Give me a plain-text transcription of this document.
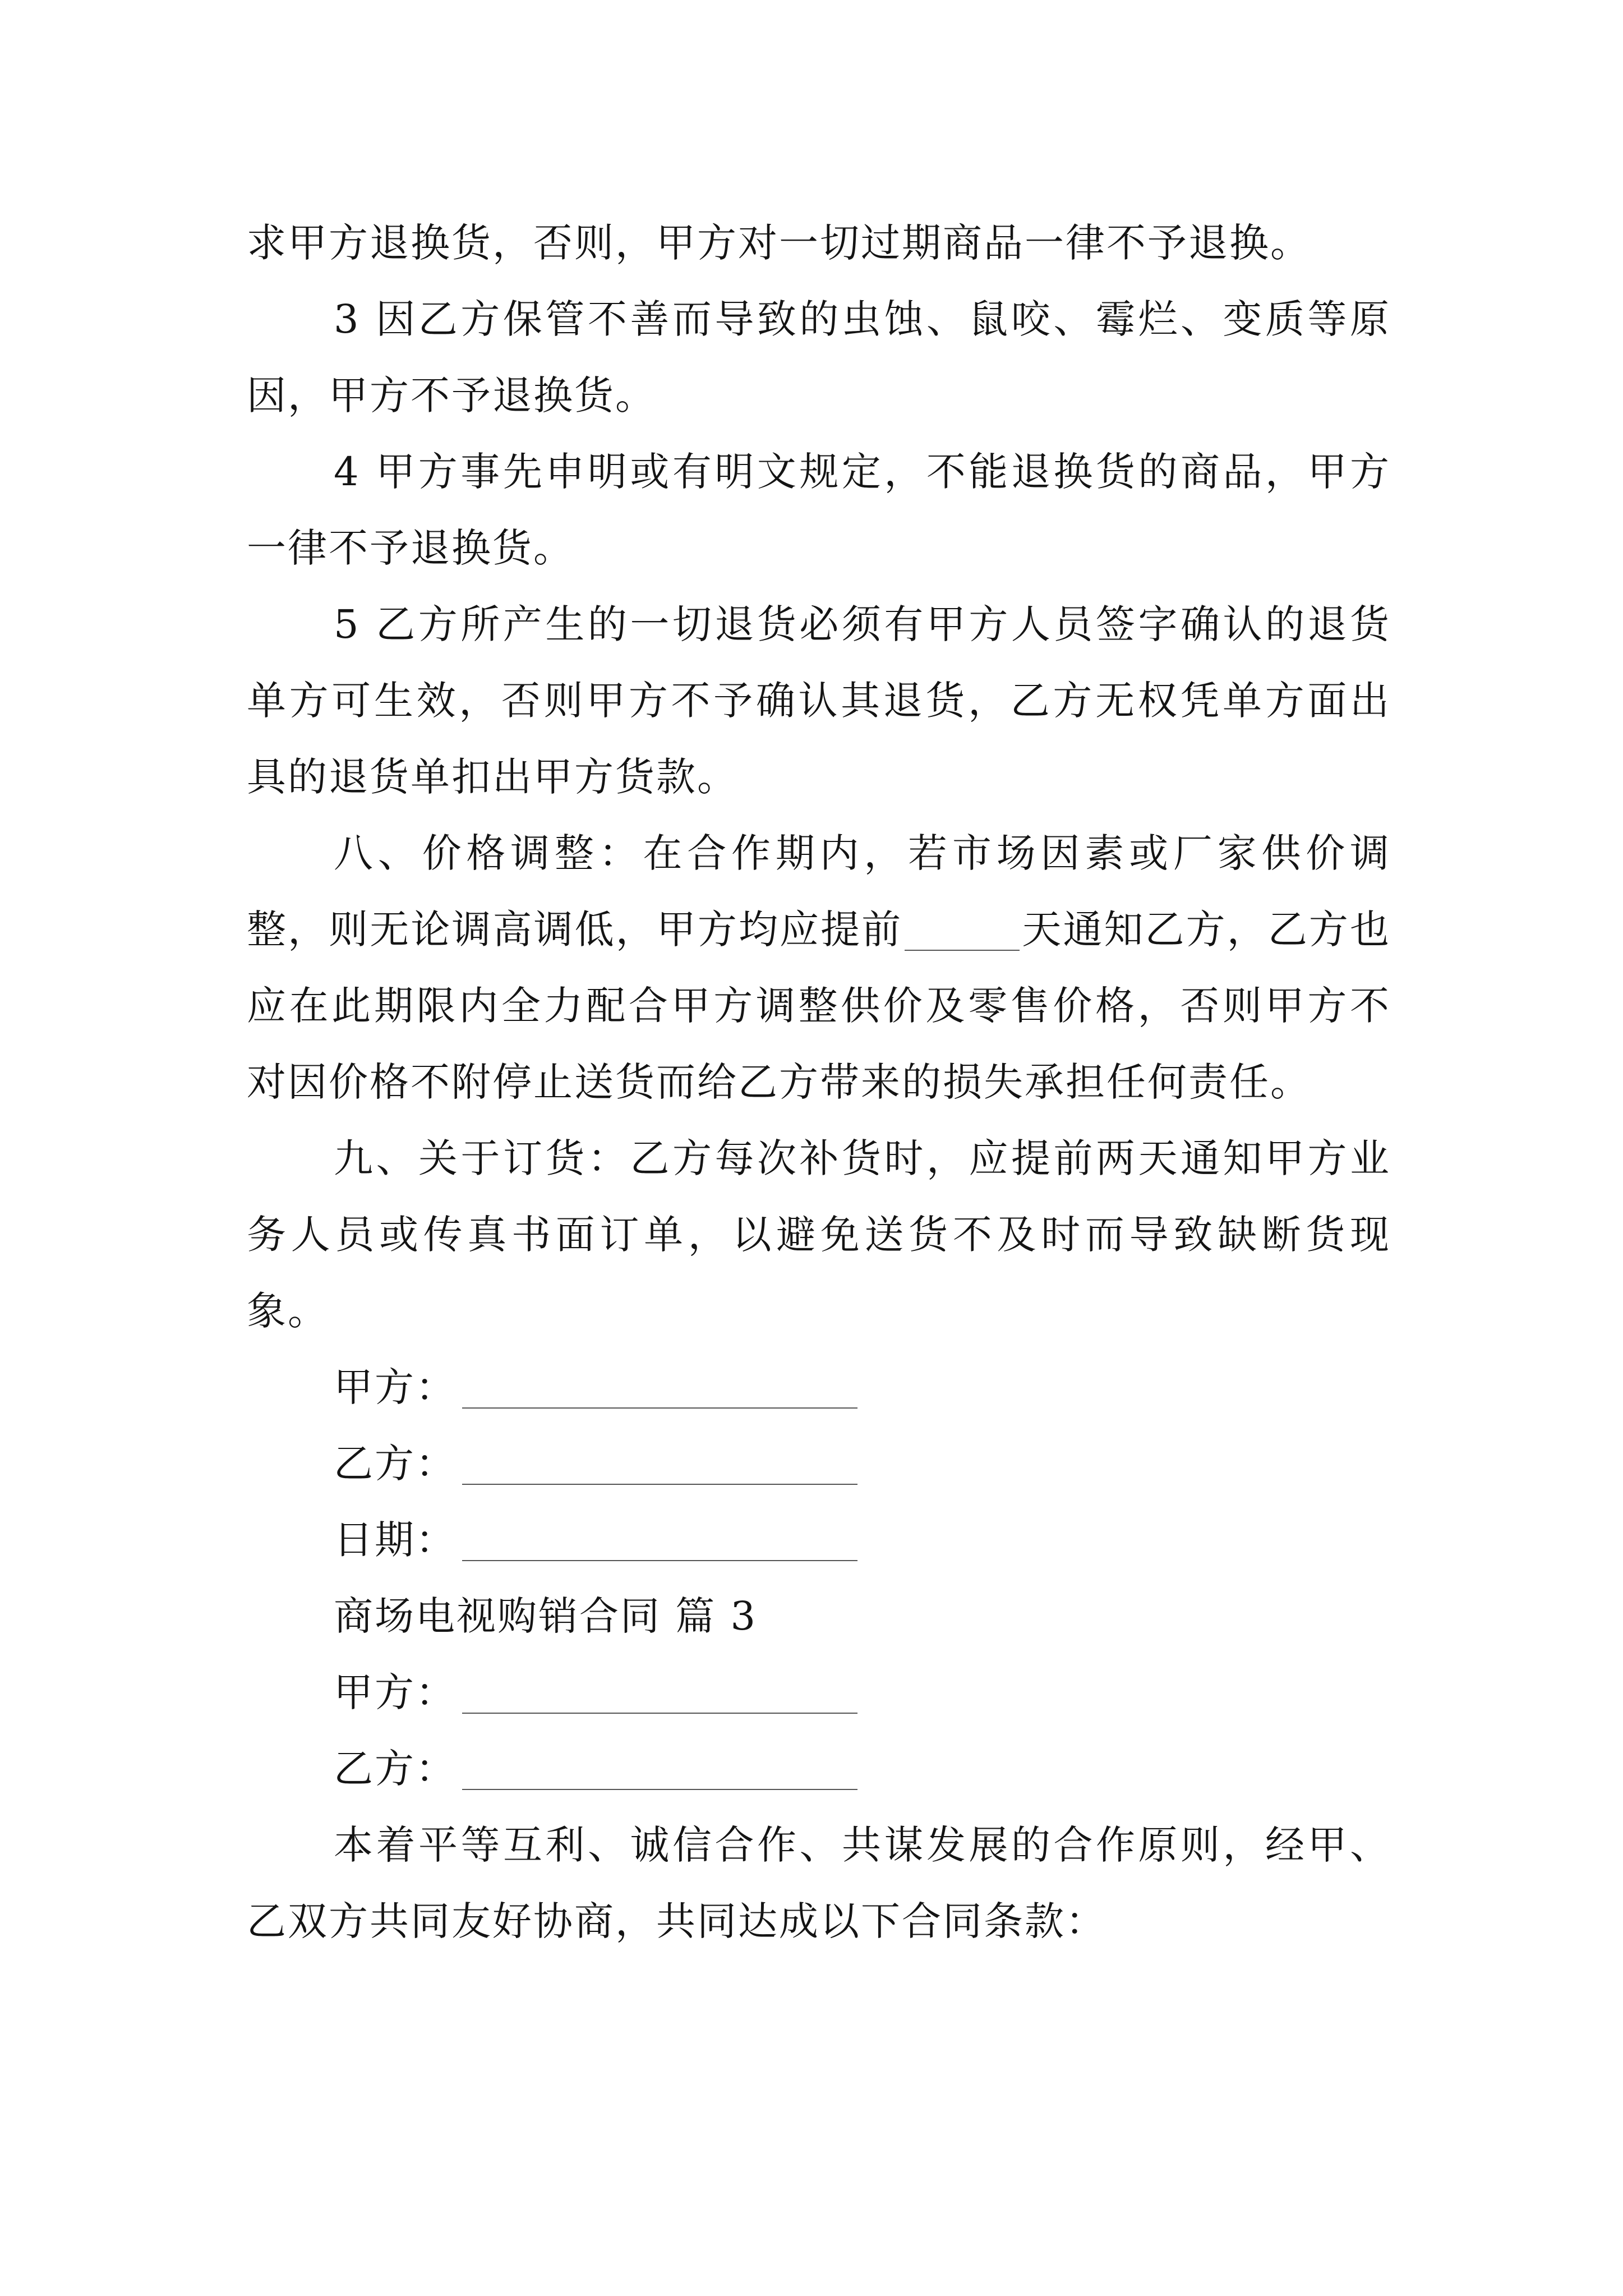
求甲方退换货，否则，甲方对一切过期商品一律不予退换。

3 因乙方保管不善而导致的虫蚀、鼠咬、霉烂、变质等原因，甲方不予退换货。

4 甲方事先申明或有明文规定，不能退换货的商品，甲方一律不予退换货。

5 乙方所产生的一切退货必须有甲方人员签字确认的退货单方可生效，否则甲方不予确认其退货，乙方无权凭单方面出具的退货单扣出甲方货款。

八、价格调整：在合作期内，若市场因素或厂家供价调整，则无论调高调低，甲方均应提前	天通知乙方，乙方也应在此期限内全力配合甲方调整供价及零售价格，否则甲方不对因价格不附停止送货而给乙方带来的损失承担任何责任。

九、关于订货：乙方每次补货时，应提前两天通知甲方业务人员或传真书面订单，以避免送货不及时而导致缺断货现象。

甲方：

乙方：

日期：

商场电视购销合同 篇 3

甲方：

乙方：

本着平等互利、诚信合作、共谋发展的合作原则，经甲、乙双方共同友好协商，共同达成以下合同条款：
